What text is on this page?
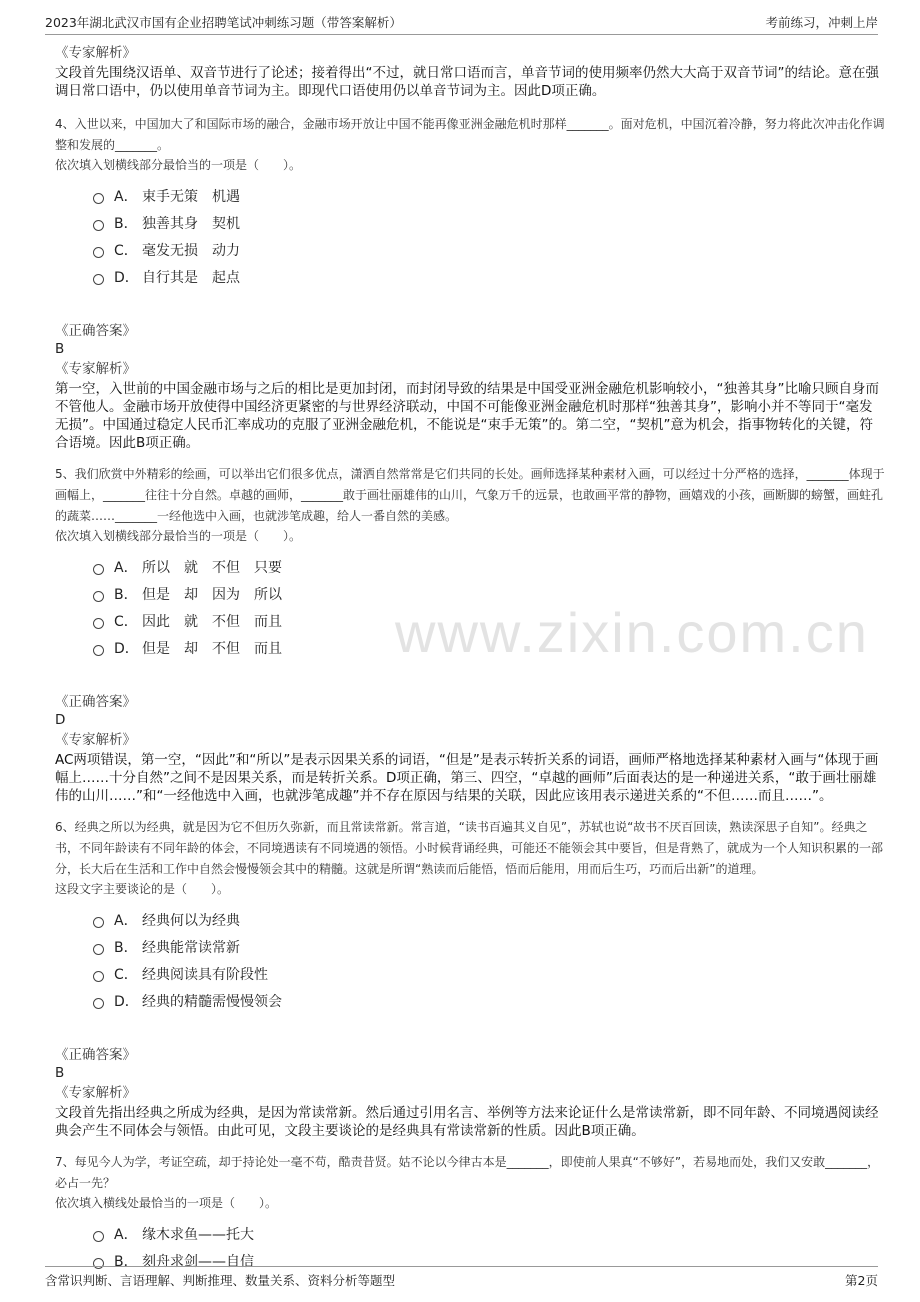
2023年湖北武汉市国有企业招聘笔试冲刺练习题（带答案解析）	考前练习，冲刺上岸
www.zixin.com.cn
《专家解析》
文段首先围绕汉语单、双音节进行了论述；接着得出“不过，就日常口语而言，单音节词的使用频率仍然大大高于双音节词”的结论。意在强调日常口语中，仍以使用单音节词为主。即现代口语使用仍以单音节词为主。因此D项正确。
4、入世以来，中国加大了和国际市场的融合，金融市场开放让中国不能再像亚洲金融危机时那样_______。面对危机，中国沉着冷静，努力将此次冲击化作调整和发展的_______。
依次填入划横线部分最恰当的一项是（　　）。
A． 束手无策　机遇
B． 独善其身　契机
C． 毫发无损　动力
D． 自行其是　起点
《正确答案》
B
《专家解析》
第一空，入世前的中国金融市场与之后的相比是更加封闭，而封闭导致的结果是中国受亚洲金融危机影响较小，“独善其身”比喻只顾自身而不管他人。金融市场开放使得中国经济更紧密的与世界经济联动，中国不可能像亚洲金融危机时那样“独善其身”，影响小并不等同于“毫发无损”。中国通过稳定人民币汇率成功的克服了亚洲金融危机，不能说是“束手无策”的。第二空，“契机”意为机会，指事物转化的关键，符合语境。因此B项正确。
5、我们欣赏中外精彩的绘画，可以举出它们很多优点，潇洒自然常常是它们共同的长处。画师选择某种素材入画，可以经过十分严格的选择，_______体现于画幅上，_______往往十分自然。卓越的画师，_______敢于画壮丽雄伟的山川，气象万千的远景，也敢画平常的静物，画嬉戏的小孩，画断脚的螃蟹，画蛀孔的蔬菜……_______一经他选中入画，也就涉笔成趣，给人一番自然的美感。
依次填入划横线部分最恰当的一项是（　　）。
A． 所以　就　不但　只要
B． 但是　却　因为　所以
C． 因此　就　不但　而且
D． 但是　却　不但　而且
《正确答案》
D
《专家解析》
AC两项错误，第一空，“因此”和“所以”是表示因果关系的词语，“但是”是表示转折关系的词语，画师严格地选择某种素材入画与“体现于画幅上……十分自然”之间不是因果关系，而是转折关系。D项正确，第三、四空，“卓越的画师”后面表达的是一种递进关系，“敢于画壮丽雄伟的山川……”和“一经他选中入画，也就涉笔成趣”并不存在原因与结果的关联，因此应该用表示递进关系的“不但……而且……”。
6、经典之所以为经典，就是因为它不但历久弥新，而且常读常新。常言道，“读书百遍其义自见”，苏轼也说“故书不厌百回读，熟读深思子自知”。经典之书，不同年龄读有不同年龄的体会，不同境遇读有不同境遇的领悟。小时候背诵经典，可能还不能领会其中要旨，但是背熟了，就成为一个人知识积累的一部分，长大后在生活和工作中自然会慢慢领会其中的精髓。这就是所谓“熟读而后能悟，悟而后能用，用而后生巧，巧而后出新”的道理。
这段文字主要谈论的是（　　）。
A． 经典何以为经典
B． 经典能常读常新
C． 经典阅读具有阶段性
D． 经典的精髓需慢慢领会
《正确答案》
B
《专家解析》
文段首先指出经典之所成为经典，是因为常读常新。然后通过引用名言、举例等方法来论证什么是常读常新，即不同年龄、不同境遇阅读经典会产生不同体会与领悟。由此可见，文段主要谈论的是经典具有常读常新的性质。因此B项正确。
7、每见今人为学，考证空疏，却于持论处一毫不苟，酷责昔贤。姑不论以今律古本是_______，即使前人果真“不够好”，若易地而处，我们又安敢_______，必占一先？
依次填入横线处最恰当的一项是（　　）。
A． 缘木求鱼——托大
B． 刻舟求剑——自信
含常识判断、言语理解、判断推理、数量关系、资料分析等题型	第2页
